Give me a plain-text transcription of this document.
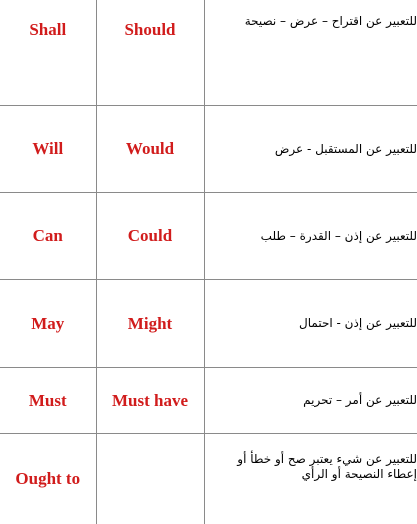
Shall	Should	للتعبير عن اقتراح – عرض – نصيحة
Will	Would	للتعبير عن المستقبل - عرض
Can	Could	للتعبير عن إذن – القدرة – طلب
May	Might	للتعبير عن إذن - احتمال
Must	Must have	للتعبير عن أمر – تحريم
Ought to		للتعبير عن شيء يعتبر صح أو خطأ أو إعطاء النصيحة أو الرأي
